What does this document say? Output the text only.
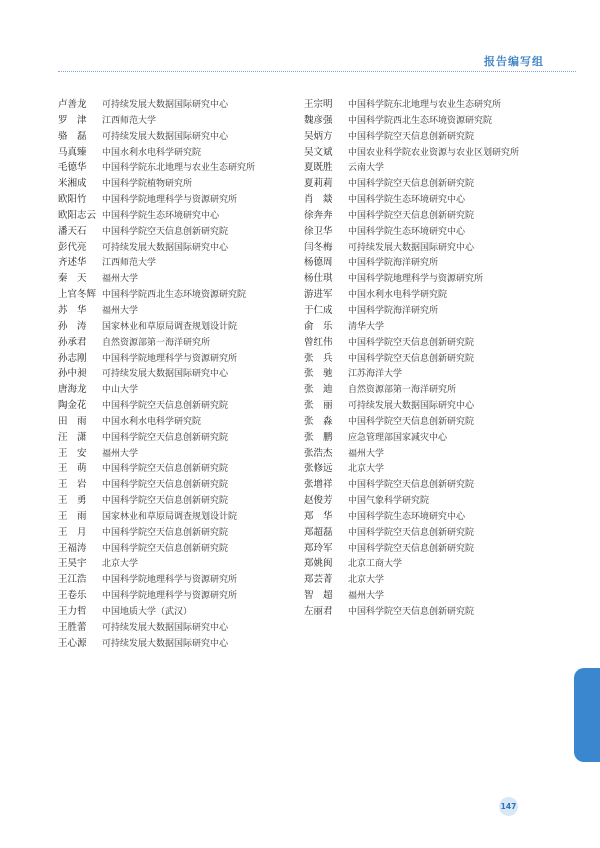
报告编写组
卢善龙	可持续发展大数据国际研究中心
罗　津	江西师范大学
骆　磊	可持续发展大数据国际研究中心
马真臻	中国水利水电科学研究院
毛德华	中国科学院东北地理与农业生态研究所
米湘成	中国科学院植物研究所
欧阳竹	中国科学院地理科学与资源研究所
欧阳志云 中国科学院生态环境研究中心
潘天石	中国科学院空天信息创新研究院
彭代亮	可持续发展大数据国际研究中心
齐述华	江西师范大学
秦　天	福州大学
上官冬辉 中国科学院西北生态环境资源研究院
苏　华	福州大学
孙　涛	国家林业和草原局调查规划设计院
孙承君	自然资源部第一海洋研究所
孙志刚	中国科学院地理科学与资源研究所
孙中昶	可持续发展大数据国际研究中心
唐海龙	中山大学
陶金花	中国科学院空天信息创新研究院
田　雨	中国水利水电科学研究院
汪　潇	中国科学院空天信息创新研究院
王　安	福州大学
王　萌	中国科学院空天信息创新研究院
王　岩	中国科学院空天信息创新研究院
王　勇	中国科学院空天信息创新研究院
王　雨	国家林业和草原局调查规划设计院
王　月	中国科学院空天信息创新研究院
王福涛	中国科学院空天信息创新研究院
王昊宇	北京大学
王江浩	中国科学院地理科学与资源研究所
王卷乐	中国科学院地理科学与资源研究所
王力哲	中国地质大学（武汉）
王胜蕾	可持续发展大数据国际研究中心
王心源	可持续发展大数据国际研究中心
王宗明	中国科学院东北地理与农业生态研究所
魏彦强	中国科学院西北生态环境资源研究院
吴炳方	中国科学院空天信息创新研究院
吴文斌	中国农业科学院农业资源与农业区划研究所
夏既胜	云南大学
夏莉莉	中国科学院空天信息创新研究院
肖　燚	中国科学院生态环境研究中心
徐奔奔	中国科学院空天信息创新研究院
徐卫华	中国科学院生态环境研究中心
闫冬梅	可持续发展大数据国际研究中心
杨德周	中国科学院海洋研究所
杨仕琪	中国科学院地理科学与资源研究所
游进军	中国水利水电科学研究院
于仁成	中国科学院海洋研究所
俞　乐	清华大学
曾红伟	中国科学院空天信息创新研究院
张　兵	中国科学院空天信息创新研究院
张　驰	江苏海洋大学
张　迪	自然资源部第一海洋研究所
张　丽	可持续发展大数据国际研究中心
张　淼	中国科学院空天信息创新研究院
张　鹏	应急管理部国家减灾中心
张浩杰	福州大学
张修远	北京大学
张增祥	中国科学院空天信息创新研究院
赵俊芳	中国气象科学研究院
郑　华	中国科学院生态环境研究中心
郑超磊	中国科学院空天信息创新研究院
郑玲军	中国科学院空天信息创新研究院
郑姚闽	北京工商大学
郑芸菁	北京大学
智　超	福州大学
左丽君	中国科学院空天信息创新研究院
147
